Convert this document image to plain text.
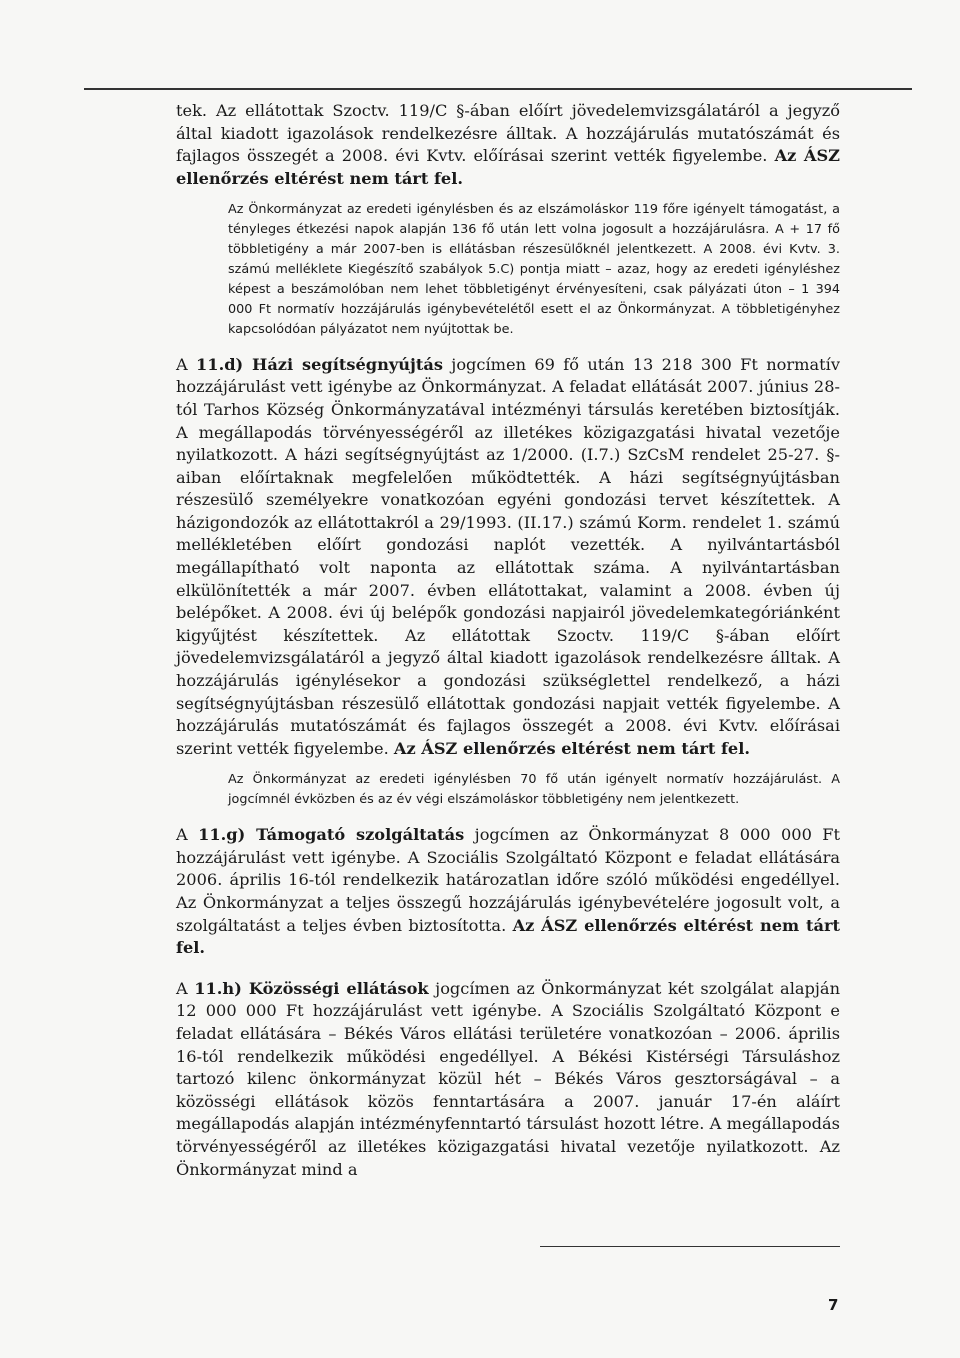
tek. Az ellátottak Szoctv. 119/C §-ában előírt jövedelemvizsgálatáról a jegyző által kiadott igazolások rendelkezésre álltak. A hozzájárulás mutatószámát és fajlagos összegét a 2008. évi Kvtv. előírásai szerint vették figyelembe. Az ÁSZ ellenőrzés eltérést nem tárt fel.

Az Önkormányzat az eredeti igénylésben és az elszámoláskor 119 főre igényelt támogatást, a tényleges étkezési napok alapján 136 fő után lett volna jogosult a hozzájárulásra. A + 17 fő többletigény a már 2007-ben is ellátásban részesülőknél jelentkezett. A 2008. évi Kvtv. 3. számú melléklete Kiegészítő szabályok 5.C) pontja miatt – azaz, hogy az eredeti igényléshez képest a beszámolóban nem lehet többletigényt érvényesíteni, csak pályázati úton – 1 394 000 Ft normatív hozzájárulás igénybevételétől esett el az Önkormányzat. A többletigényhez kapcsolódóan pályázatot nem nyújtottak be.

A 11.d) Házi segítségnyújtás jogcímen 69 fő után 13 218 300 Ft normatív hozzájárulást vett igénybe az Önkormányzat. A feladat ellátását 2007. június 28-tól Tarhos Község Önkormányzatával intézményi társulás keretében biztosítják. A megállapodás törvényességéről az illetékes közigazgatási hivatal vezetője nyilatkozott. A házi segítségnyújtást az 1/2000. (I.7.) SzCsM rendelet 25-27. §-aiban előírtaknak megfelelően működtették. A házi segítségnyújtásban részesülő személyekre vonatkozóan egyéni gondozási tervet készítettek. A házigondozók az ellátottakról a 29/1993. (II.17.) számú Korm. rendelet 1. számú mellékletében előírt gondozási naplót vezették. A nyilvántartásból megállapítható volt naponta az ellátottak száma. A nyilvántartásban elkülönítették a már 2007. évben ellátottakat, valamint a 2008. évben új belépőket. A 2008. évi új belépők gondozási napjairól jövedelemkategóriánként kigyűjtést készítettek. Az ellátottak Szoctv. 119/C §-ában előírt jövedelemvizsgálatáról a jegyző által kiadott igazolások rendelkezésre álltak. A hozzájárulás igénylésekor a gondozási szükséglettel rendelkező, a házi segítségnyújtásban részesülő ellátottak gondozási napjait vették figyelembe. A hozzájárulás mutatószámát és fajlagos összegét a 2008. évi Kvtv. előírásai szerint vették figyelembe. Az ÁSZ ellenőrzés eltérést nem tárt fel.

Az Önkormányzat az eredeti igénylésben 70 fő után igényelt normatív hozzájárulást. A jogcímnél évközben és az év végi elszámoláskor többletigény nem jelentkezett.

A 11.g) Támogató szolgáltatás jogcímen az Önkormányzat 8 000 000 Ft hozzájárulást vett igénybe. A Szociális Szolgáltató Központ e feladat ellátására 2006. április 16-tól rendelkezik határozatlan időre szóló működési engedéllyel. Az Önkormányzat a teljes összegű hozzájárulás igénybevételére jogosult volt, a szolgáltatást a teljes évben biztosította. Az ÁSZ ellenőrzés eltérést nem tárt fel.

A 11.h) Közösségi ellátások jogcímen az Önkormányzat két szolgálat alapján 12 000 000 Ft hozzájárulást vett igénybe. A Szociális Szolgáltató Központ e feladat ellátására – Békés Város ellátási területére vonatkozóan – 2006. április 16-tól rendelkezik működési engedéllyel. A Békési Kistérségi Társuláshoz tartozó kilenc önkormányzat közül hét – Békés Város gesztorságával – a közösségi ellátások közös fenntartására a 2007. január 17-én aláírt megállapodás alapján intézményfenntartó társulást hozott létre. A megállapodás törvényességéről az illetékes közigazgatási hivatal vezetője nyilatkozott. Az Önkormányzat mind a

7
